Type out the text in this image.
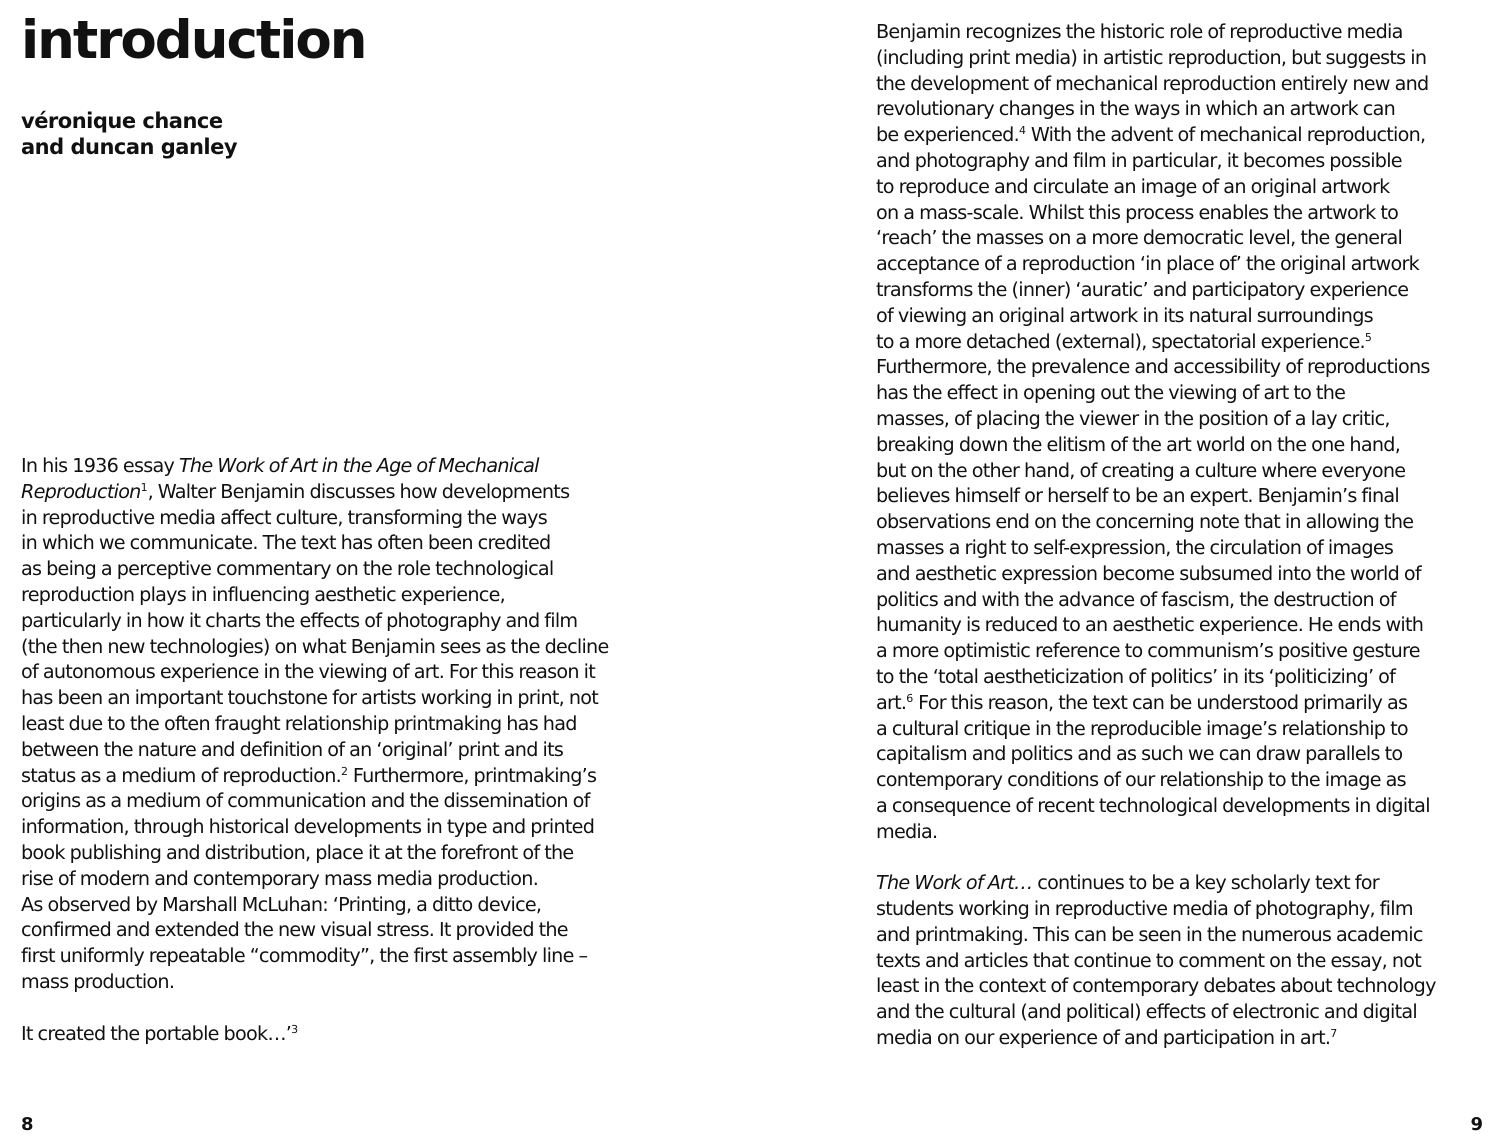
introduction
véronique chance
and duncan ganley

In his 1936 essay The Work of Art in the Age of Mechanical
Reproduction$^1$, Walter Benjamin discusses how developments
in reproductive media affect culture, transforming the ways
in which we communicate. The text has often been credited
as being a perceptive commentary on the role technological
reproduction plays in influencing aesthetic experience,
particularly in how it charts the effects of photography and film
(the then new technologies) on what Benjamin sees as the decline
of autonomous experience in the viewing of art. For this reason it
has been an important touchstone for artists working in print, not
least due to the often fraught relationship printmaking has had
between the nature and definition of an ‘original’ print and its
status as a medium of reproduction.$^2$ Furthermore, printmaking’s
origins as a medium of communication and the dissemination of
information, through historical developments in type and printed
book publishing and distribution, place it at the forefront of the
rise of modern and contemporary mass media production.
As observed by Marshall McLuhan: ‘Printing, a ditto device,
confirmed and extended the new visual stress. It provided the
first uniformly repeatable “commodity”, the first assembly line –
mass production.

It created the portable book…’$^3$

8

Benjamin recognizes the historic role of reproductive media
(including print media) in artistic reproduction, but suggests in
the development of mechanical reproduction entirely new and
revolutionary changes in the ways in which an artwork can
be experienced.$^4$ With the advent of mechanical reproduction,
and photography and film in particular, it becomes possible
to reproduce and circulate an image of an original artwork
on a mass-scale. Whilst this process enables the artwork to
‘reach’ the masses on a more democratic level, the general
acceptance of a reproduction ‘in place of’ the original artwork
transforms the (inner) ‘auratic’ and participatory experience
of viewing an original artwork in its natural surroundings
to a more detached (external), spectatorial experience.$^5$
Furthermore, the prevalence and accessibility of reproductions
has the effect in opening out the viewing of art to the
masses, of placing the viewer in the position of a lay critic,
breaking down the elitism of the art world on the one hand,
but on the other hand, of creating a culture where everyone
believes himself or herself to be an expert. Benjamin’s final
observations end on the concerning note that in allowing the
masses a right to self-expression, the circulation of images
and aesthetic expression become subsumed into the world of
politics and with the advance of fascism, the destruction of
humanity is reduced to an aesthetic experience. He ends with
a more optimistic reference to communism’s positive gesture
to the ‘total aestheticization of politics’ in its ‘politicizing’ of
art.$^6$ For this reason, the text can be understood primarily as
a cultural critique in the reproducible image’s relationship to
capitalism and politics and as such we can draw parallels to
contemporary conditions of our relationship to the image as
a consequence of recent technological developments in digital
media.

The Work of Art… continues to be a key scholarly text for
students working in reproductive media of photography, film
and printmaking. This can be seen in the numerous academic
texts and articles that continue to comment on the essay, not
least in the context of contemporary debates about technology
and the cultural (and political) effects of electronic and digital
media on our experience of and participation in art.$^7$

9
